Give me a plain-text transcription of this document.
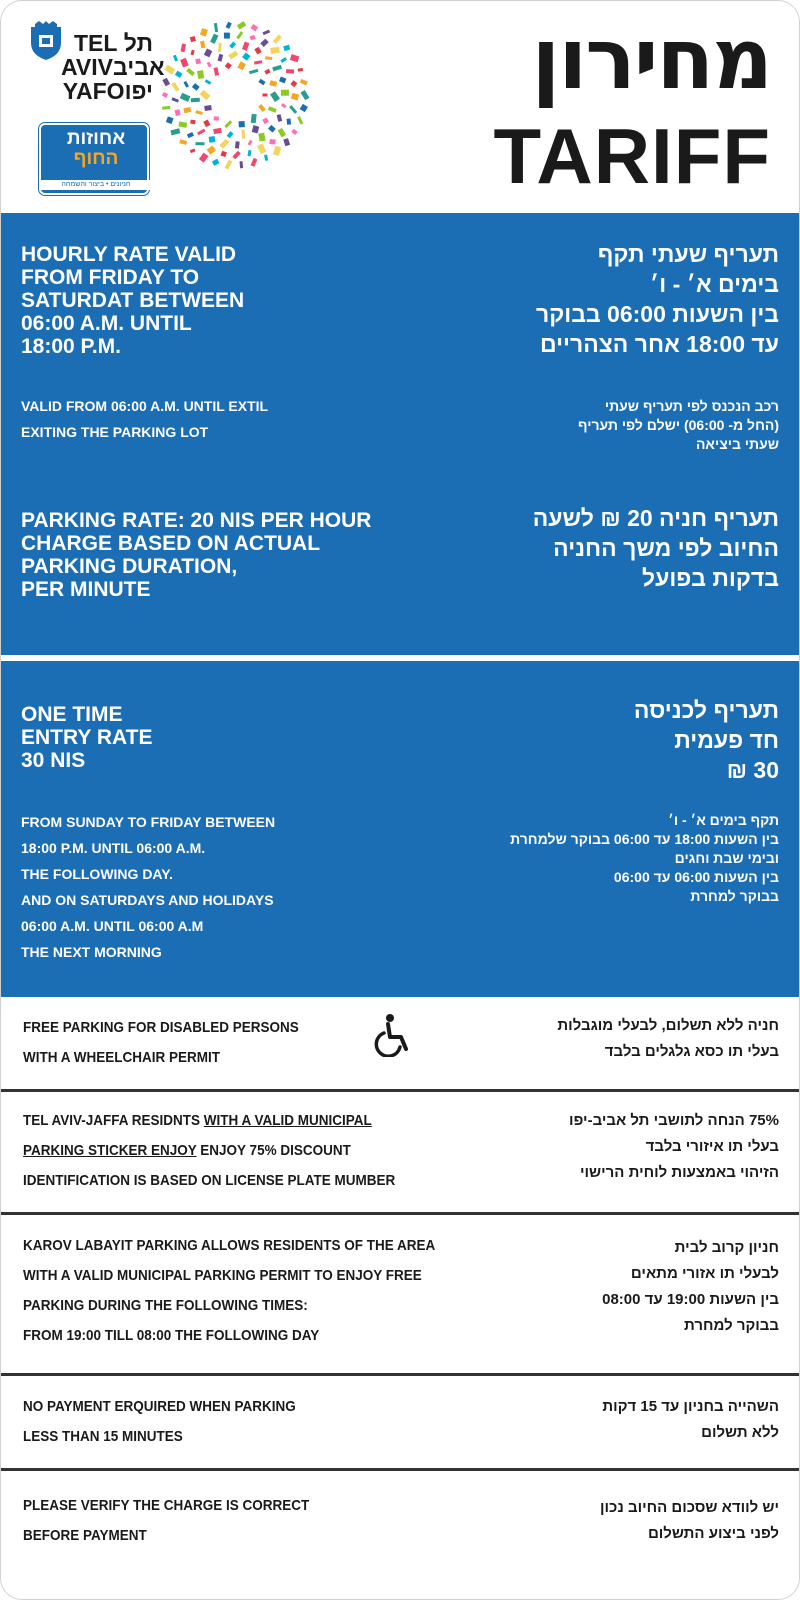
TEL תל
AVIVאביב
YAFOיפו
אחוזות
החוף
חניונים • ביצור והשמחה
מחירון
TARIFF
HOURLY RATE VALID
FROM FRIDAY TO
SATURDAT BETWEEN
06:00 A.M. UNTIL
18:00 P.M.
תעריף שעתי תקף
בימים א׳ - ו׳
בין השעות 06:00 בבוקר
עד 18:00 אחר הצהריים
VALID FROM 06:00 A.M. UNTIL EXTIL
EXITING THE PARKING LOT
רכב הנכנס לפי תעריף שעתי
(החל מ- 06:00) ישלם לפי תעריף
שעתי ביציאה
PARKING RATE: 20 NIS PER HOUR
CHARGE BASED ON ACTUAL
PARKING DURATION,
PER MINUTE
תעריף חניה 20 ₪ לשעה
החיוב לפי משך החניה
בדקות בפועל
ONE TIME
ENTRY RATE
30 NIS
תעריף לכניסה
חד פעמית
30 ₪
FROM SUNDAY TO FRIDAY BETWEEN
18:00 P.M. UNTIL 06:00 A.M.
THE FOLLOWING DAY.
AND ON SATURDAYS AND HOLIDAYS
06:00 A.M. UNTIL 06:00 A.M
THE NEXT MORNING
תקף בימים א׳ - ו׳
בין השעות 18:00 עד 06:00 בבוקר שלמחרת
ובימי שבת וחגים
בין השעות 06:00 עד 06:00
בבוקר למחרת
FREE PARKING FOR DISABLED PERSONS
WITH A WHEELCHAIR PERMIT
חניה ללא תשלום, לבעלי מוגבלות
בעלי תו כסא גלגלים בלבד
TEL AVIV-JAFFA RESIDNTS WITH A VALID MUNICIPAL
PARKING STICKER ENJOY ENJOY 75% DISCOUNT
IDENTIFICATION IS BASED ON LICENSE PLATE MUMBER
75% הנחה לתושבי תל אביב-יפו
בעלי תו איזורי בלבד
הזיהוי באמצעות לוחית הרישוי
KAROV LABAYIT PARKING ALLOWS RESIDENTS OF THE AREA
WITH A VALID MUNICIPAL PARKING PERMIT TO ENJOY FREE
PARKING DURING THE FOLLOWING TIMES:
FROM 19:00 TILL 08:00 THE FOLLOWING DAY
חניון קרוב לבית
לבעלי תו אזורי מתאים
בין השעות 19:00 עד 08:00
בבוקר למחרת
NO PAYMENT ERQUIRED WHEN PARKING
LESS THAN 15 MINUTES
השהייה בחניון עד 15 דקות
ללא תשלום
PLEASE VERIFY THE CHARGE IS CORRECT
BEFORE PAYMENT
יש לוודא שסכום החיוב נכון
לפני ביצוע התשלום
